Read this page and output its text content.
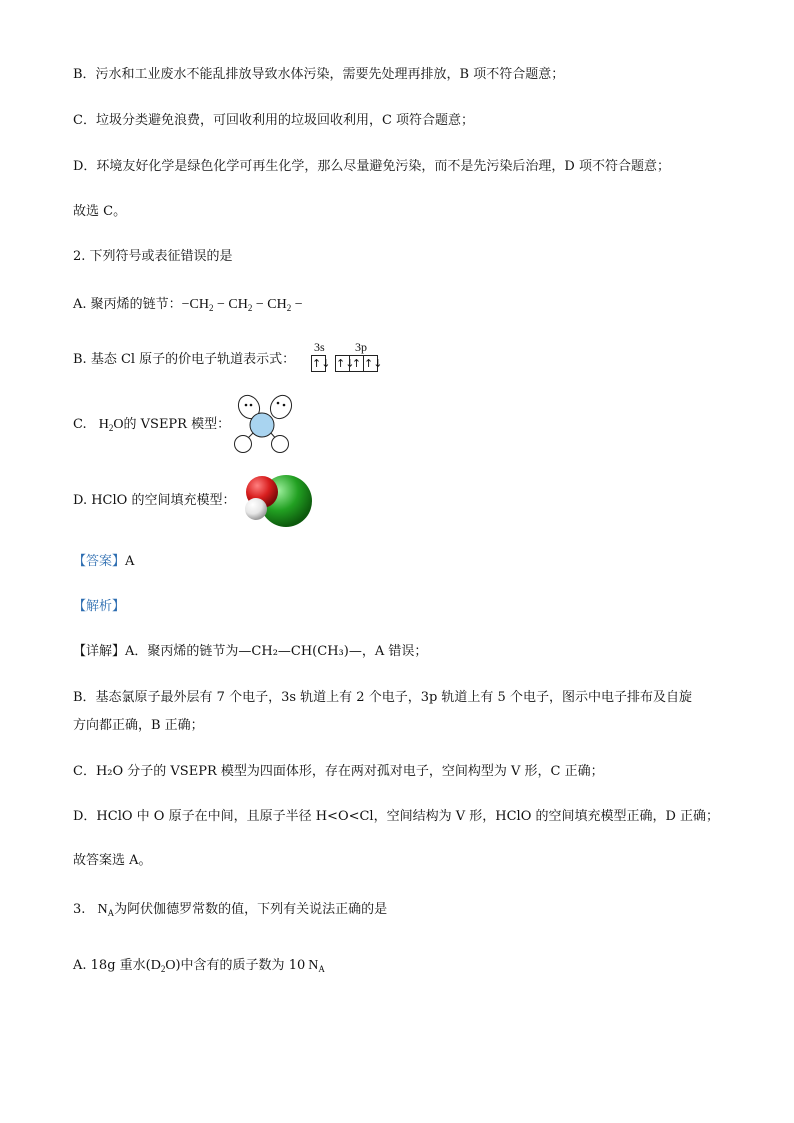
B．污水和工业废水不能乱排放导致水体污染，需要先处理再排放，B 项不符合题意；
C．垃圾分类避免浪费，可回收利用的垃圾回收利用，C 项符合题意；
D．环境友好化学是绿色化学可再生化学，那么尽量避免污染，而不是先污染后治理，D 项不符合题意；
故选 C。
2. 下列符号或表征错误的是
A. 聚丙烯的链节：$-CH_2 - CH_2 - CH_2$ −
B. 基态 Cl 原子的价电子轨道表示式：
3s	3p
↑↓ ↑↓
↑ ↑↓
C. $H_2O$的 VSEPR 模型：
D. HClO 的空间填充模型：
【答案】A
【解析】
【详解】A．聚丙烯的链节为—CH₂—CH(CH₃)—，A 错误；
B．基态氯原子最外层有 7 个电子，3s 轨道上有 2 个电子，3p 轨道上有 5 个电子，图示中电子排布及自旋
方向都正确，B 正确；
C．H₂O 分子的 VSEPR 模型为四面体形，存在两对孤对电子，空间构型为 V 形，C 正确；
D．HClO 中 O 原子在中间，且原子半径 H<O<Cl，空间结构为 V 形，HClO 的空间填充模型正确，D 正确；
故答案选 A。
3. $N_A$为阿伏伽德罗常数的值，下列有关说法正确的是
A. 18g 重水$(D_2O)$中含有的质子数为 10 $N_A$
